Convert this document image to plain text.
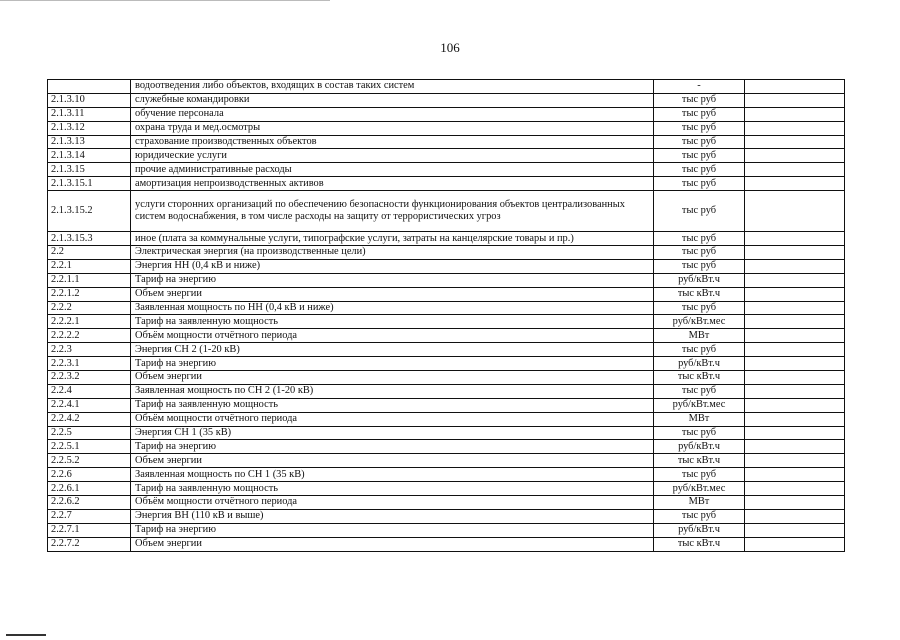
106
	водоотведения либо объектов, входящих в состав таких систем	-	
2.1.3.10	служебные командировки	тыс руб	
2.1.3.11	обучение персонала	тыс руб	
2.1.3.12	охрана труда и мед.осмотры	тыс руб	
2.1.3.13	страхование производственных объектов	тыс руб	
2.1.3.14	юридические услуги	тыс руб	
2.1.3.15	прочие административные расходы	тыс руб	
2.1.3.15.1	амортизация непроизводственных активов	тыс руб	
2.1.3.15.2	услуги сторонних организаций по обеспечению безопасности функционирования объектов централизованных систем водоснабжения, в том числе расходы на защиту от террористических угроз	тыс руб	
2.1.3.15.3	иное (плата за коммунальные услуги, типографские услуги, затраты на канцелярские товары и пр.)	тыс руб	
2.2	Электрическая энергия (на производственные цели)	тыс руб	
2.2.1	Энергия НН (0,4 кВ и ниже)	тыс руб	
2.2.1.1	Тариф на энергию	руб/кВт.ч	
2.2.1.2	Объем энергии	тыс кВт.ч	
2.2.2	Заявленная мощность по НН (0,4 кВ и ниже)	тыс руб	
2.2.2.1	Тариф на заявленную мощность	руб/кВт.мес	
2.2.2.2	Объём мощности отчётного периода	МВт	
2.2.3	Энергия СН 2 (1-20 кВ)	тыс руб	
2.2.3.1	Тариф на энергию	руб/кВт.ч	
2.2.3.2	Объем энергии	тыс кВт.ч	
2.2.4	Заявленная мощность по СН 2 (1-20 кВ)	тыс руб	
2.2.4.1	Тариф на заявленную мощность	руб/кВт.мес	
2.2.4.2	Объём мощности отчётного периода	МВт	
2.2.5	Энергия СН 1 (35 кВ)	тыс руб	
2.2.5.1	Тариф на энергию	руб/кВт.ч	
2.2.5.2	Объем энергии	тыс кВт.ч	
2.2.6	Заявленная мощность по СН 1 (35 кВ)	тыс руб	
2.2.6.1	Тариф на заявленную мощность	руб/кВт.мес	
2.2.6.2	Объём мощности отчётного периода	МВт	
2.2.7	Энергия ВН (110 кВ и выше)	тыс руб	
2.2.7.1	Тариф на энергию	руб/кВт.ч	
2.2.7.2	Объем энергии	тыс кВт.ч	
